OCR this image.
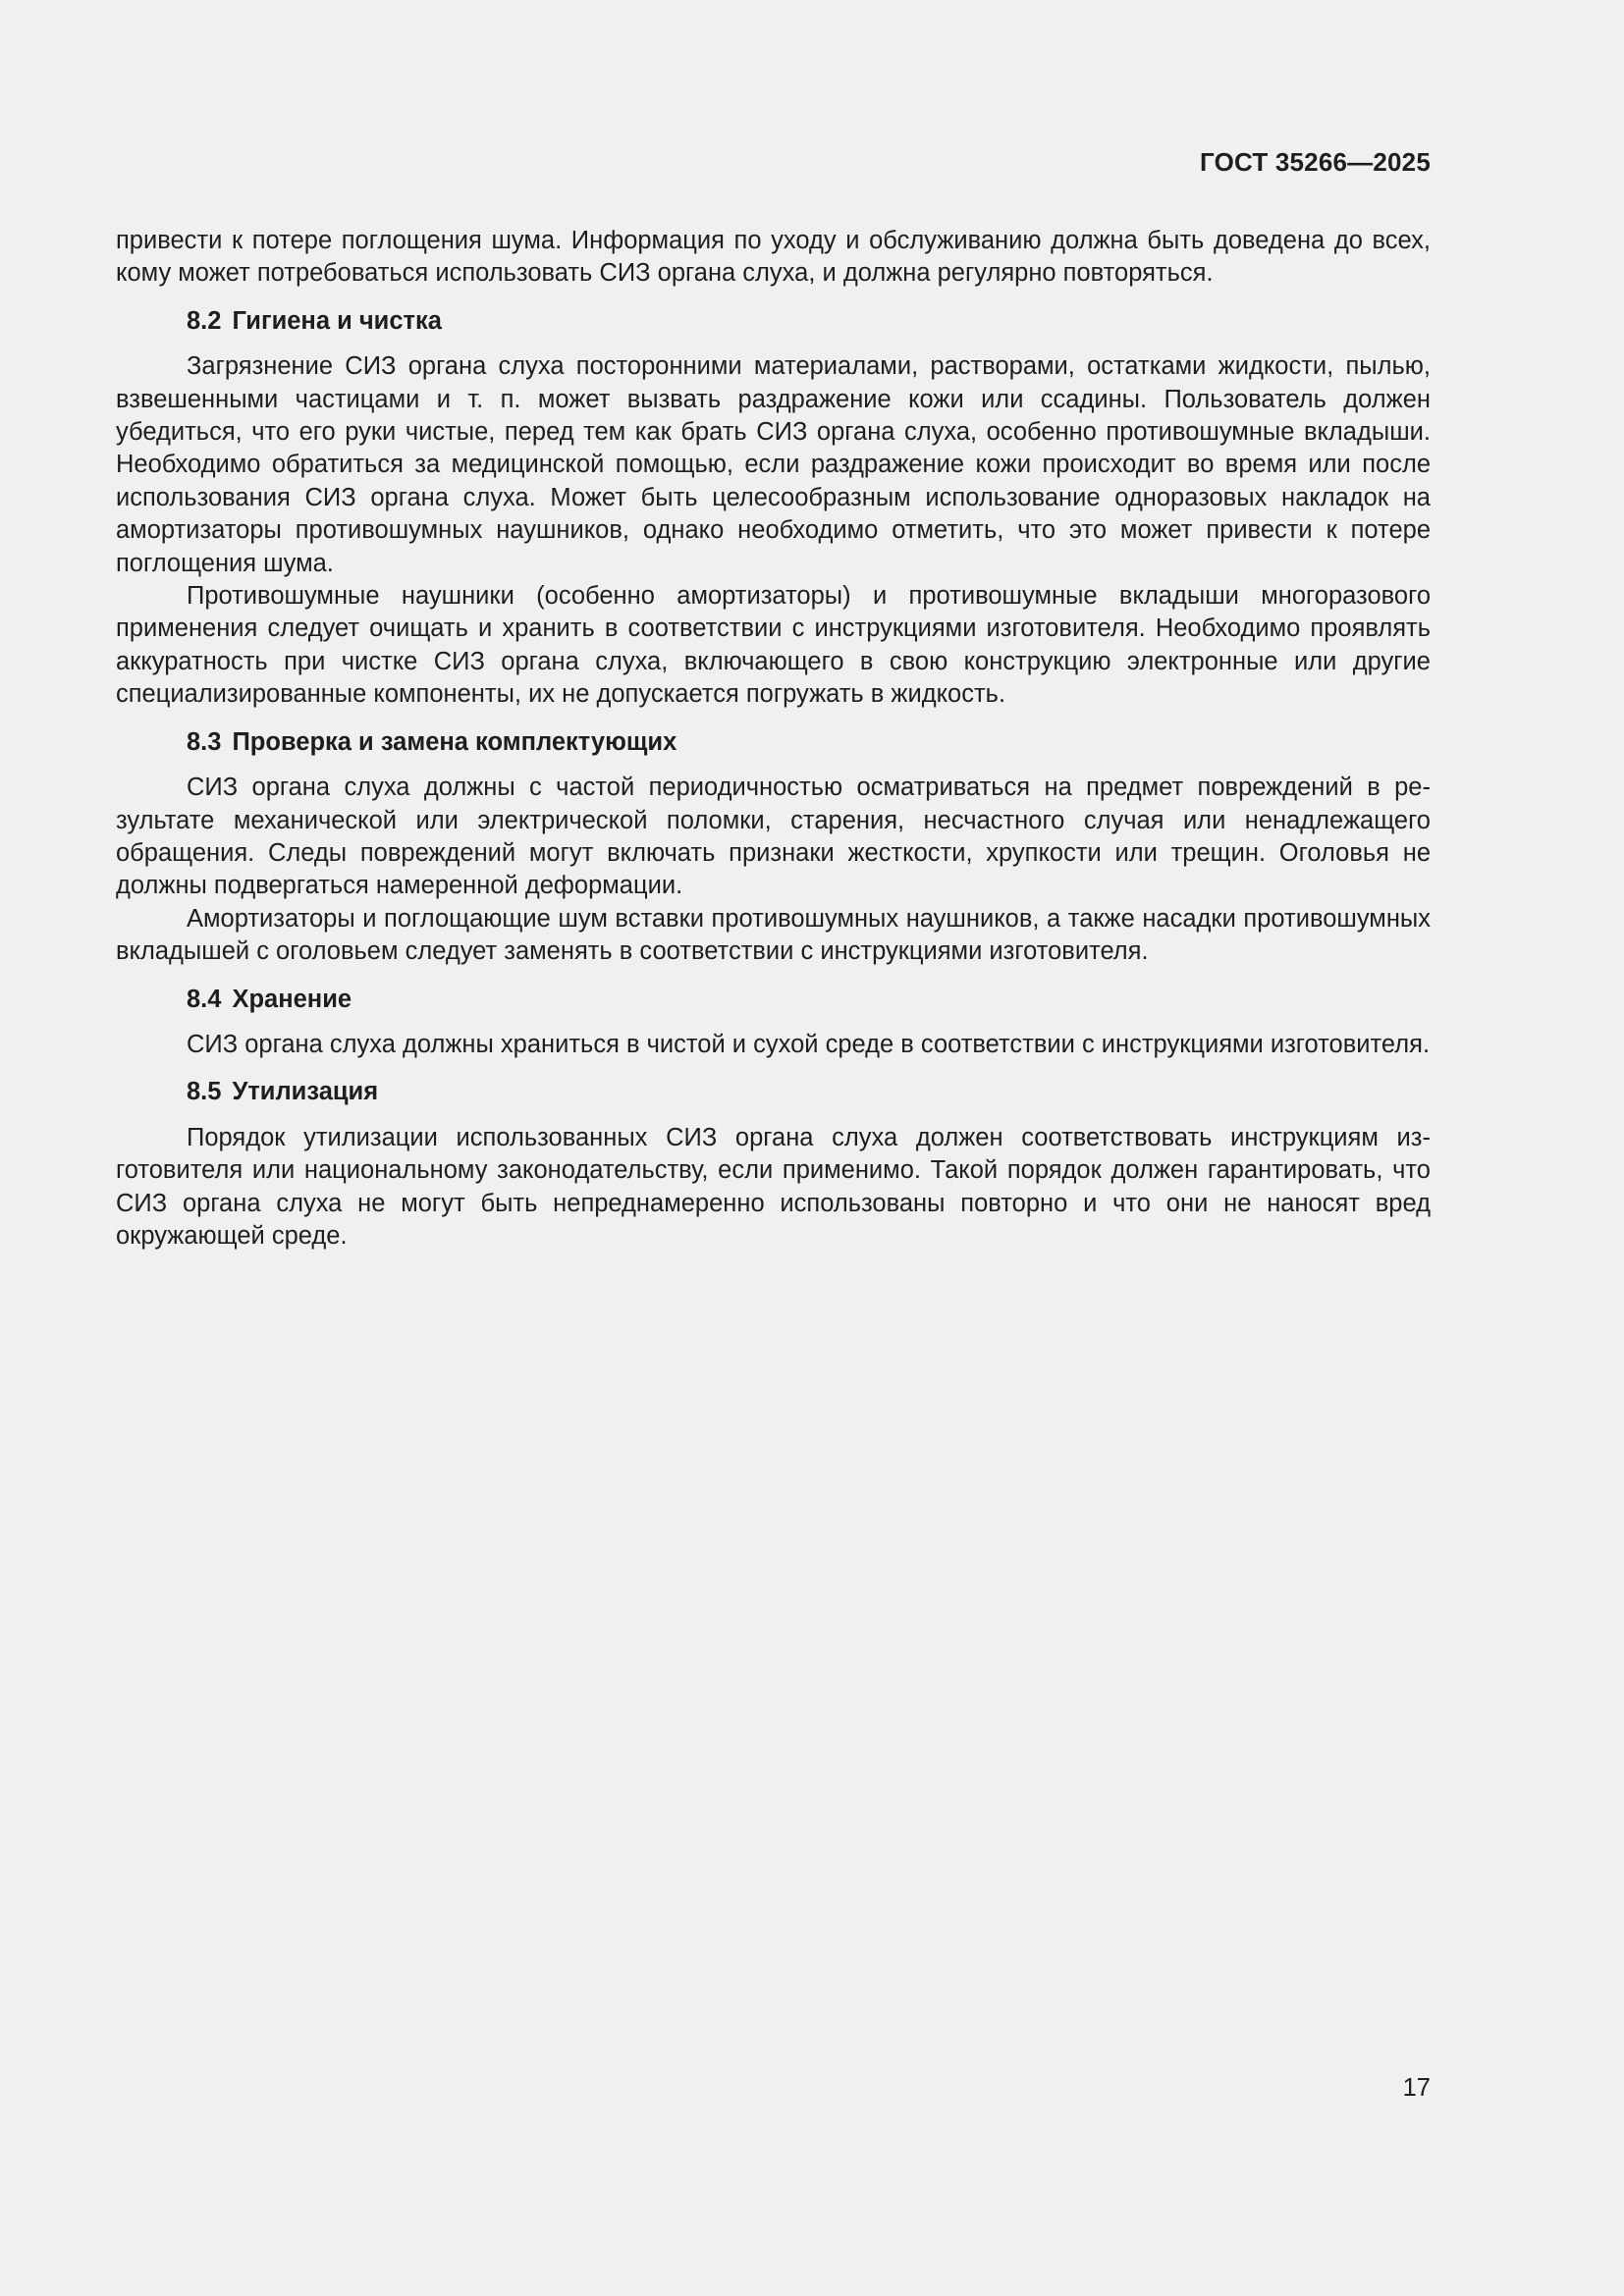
ГОСТ 35266—2025

привести к потере поглощения шума. Информация по уходу и обслуживанию должна быть доведена до всех, кому может потребоваться использовать СИЗ органа слуха, и должна регулярно повторяться.

8.2 Гигиена и чистка

Загрязнение СИЗ органа слуха посторонними материалами, растворами, остатками жидкости, пылью, взвешенными частицами и т. п. может вызвать раздражение кожи или ссадины. Пользователь должен убедиться, что его руки чистые, перед тем как брать СИЗ органа слуха, особенно противошумные вкладыши. Необходимо обратиться за медицинской помощью, если раздражение кожи происходит во время или после использования СИЗ органа слуха. Может быть целесообразным использование одноразовых накладок на амортизаторы противошумных наушников, однако необходимо отметить, что это может привести к потере поглощения шума.

Противошумные наушники (особенно амортизаторы) и противошумные вкладыши многоразового применения следует очищать и хранить в соответствии с инструкциями изготовителя. Необходимо проявлять аккуратность при чистке СИЗ органа слуха, включающего в свою конструкцию электронные или другие специализированные компоненты, их не допускается погружать в жидкость.

8.3 Проверка и замена комплектующих

СИЗ органа слуха должны с частой периодичностью осматриваться на предмет повреждений в результате механической или электрической поломки, старения, несчастного случая или ненадлежащего обращения. Следы повреждений могут включать признаки жесткости, хрупкости или трещин. Оголовья не должны подвергаться намеренной деформации.

Амортизаторы и поглощающие шум вставки противошумных наушников, а также насадки противошумных вкладышей с оголовьем следует заменять в соответствии с инструкциями изготовителя.

8.4 Хранение

СИЗ органа слуха должны храниться в чистой и сухой среде в соответствии с инструкциями изготовителя.

8.5 Утилизация

Порядок утилизации использованных СИЗ органа слуха должен соответствовать инструкциям изготовителя или национальному законодательству, если применимо. Такой порядок должен гарантировать, что СИЗ органа слуха не могут быть непреднамеренно использованы повторно и что они не наносят вред окружающей среде.

17
